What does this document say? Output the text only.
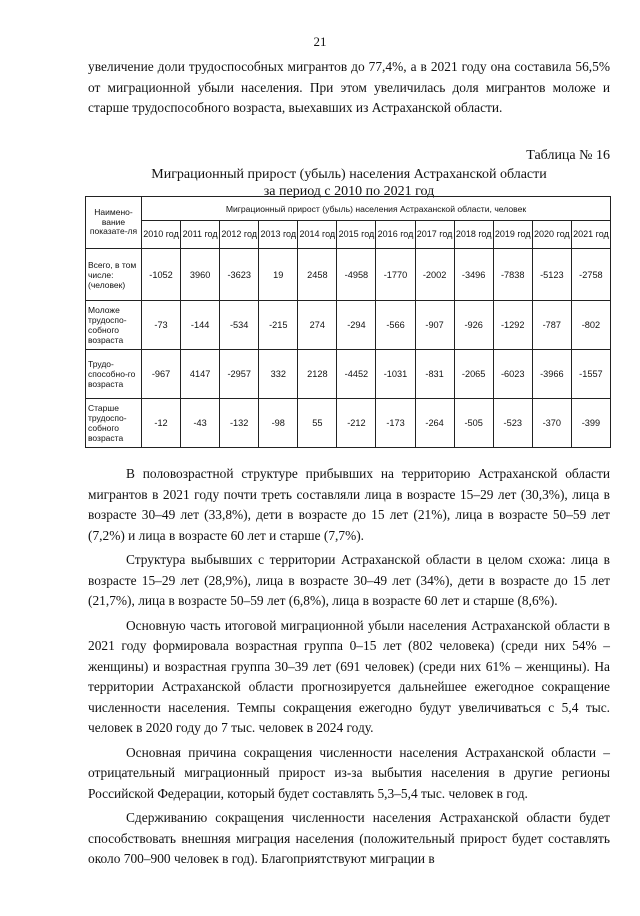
21

увеличение доли трудоспособных мигрантов до 77,4%, а в 2021 году она составила 56,5% от миграционной убыли населения. При этом увеличилась доля мигрантов моложе и старше трудоспособного возраста, выехавших из Астраханской области.

Таблица № 16
Миграционный прирост (убыль) населения Астраханской области
за период с 2010 по 2021 год
Наимено-вание показате-ля	Миграционный прирост (убыль) населения Астраханской области, человек											
	2010 год	2011 год	2012 год	2013 год	2014 год	2015 год	2016 год	2017 год	2018 год	2019 год	2020 год	2021 год
Всего, в том числе: (человек)	-1052	3960	-3623	19	2458	-4958	-1770	-2002	-3496	-7838	-5123	-2758
Моложе трудоспо-собного возраста	-73	-144	-534	-215	274	-294	-566	-907	-926	-1292	-787	-802
Трудо-способно-го возраста	-967	4147	-2957	332	2128	-4452	-1031	-831	-2065	-6023	-3966	-1557
Старше трудоспо-собного возраста	-12	-43	-132	-98	55	-212	-173	-264	-505	-523	-370	-399

В половозрастной структуре прибывших на территорию Астраханской области мигрантов в 2021 году почти треть составляли лица в возрасте 15–29 лет (30,3%), лица в возрасте 30–49 лет (33,8%), дети в возрасте до 15 лет (21%), лица в возрасте 50–59 лет (7,2%) и лица в возрасте 60 лет и старше (7,7%).

Структура выбывших с территории Астраханской области в целом схожа: лица в возрасте 15–29 лет (28,9%), лица в возрасте 30–49 лет (34%), дети в возрасте до 15 лет (21,7%), лица в возрасте 50–59 лет (6,8%), лица в возрасте 60 лет и старше (8,6%).

Основную часть итоговой миграционной убыли населения Астраханской области в 2021 году формировала возрастная группа 0–15 лет (802 человека) (среди них 54% – женщины) и возрастная группа 30–39 лет (691 человек) (среди них 61% – женщины). На территории Астраханской области прогнозируется дальнейшее ежегодное сокращение численности населения. Темпы сокращения ежегодно будут увеличиваться с 5,4 тыс. человек в 2020 году до 7 тыс. человек в 2024 году.

Основная причина сокращения численности населения Астраханской области – отрицательный миграционный прирост из-за выбытия населения в другие регионы Российской Федерации, который будет составлять 5,3–5,4 тыс. человек в год.

Сдерживанию сокращения численности населения Астраханской области будет способствовать внешняя миграция населения (положительный прирост будет составлять около 700–900 человек в год). Благоприятствуют миграции в
